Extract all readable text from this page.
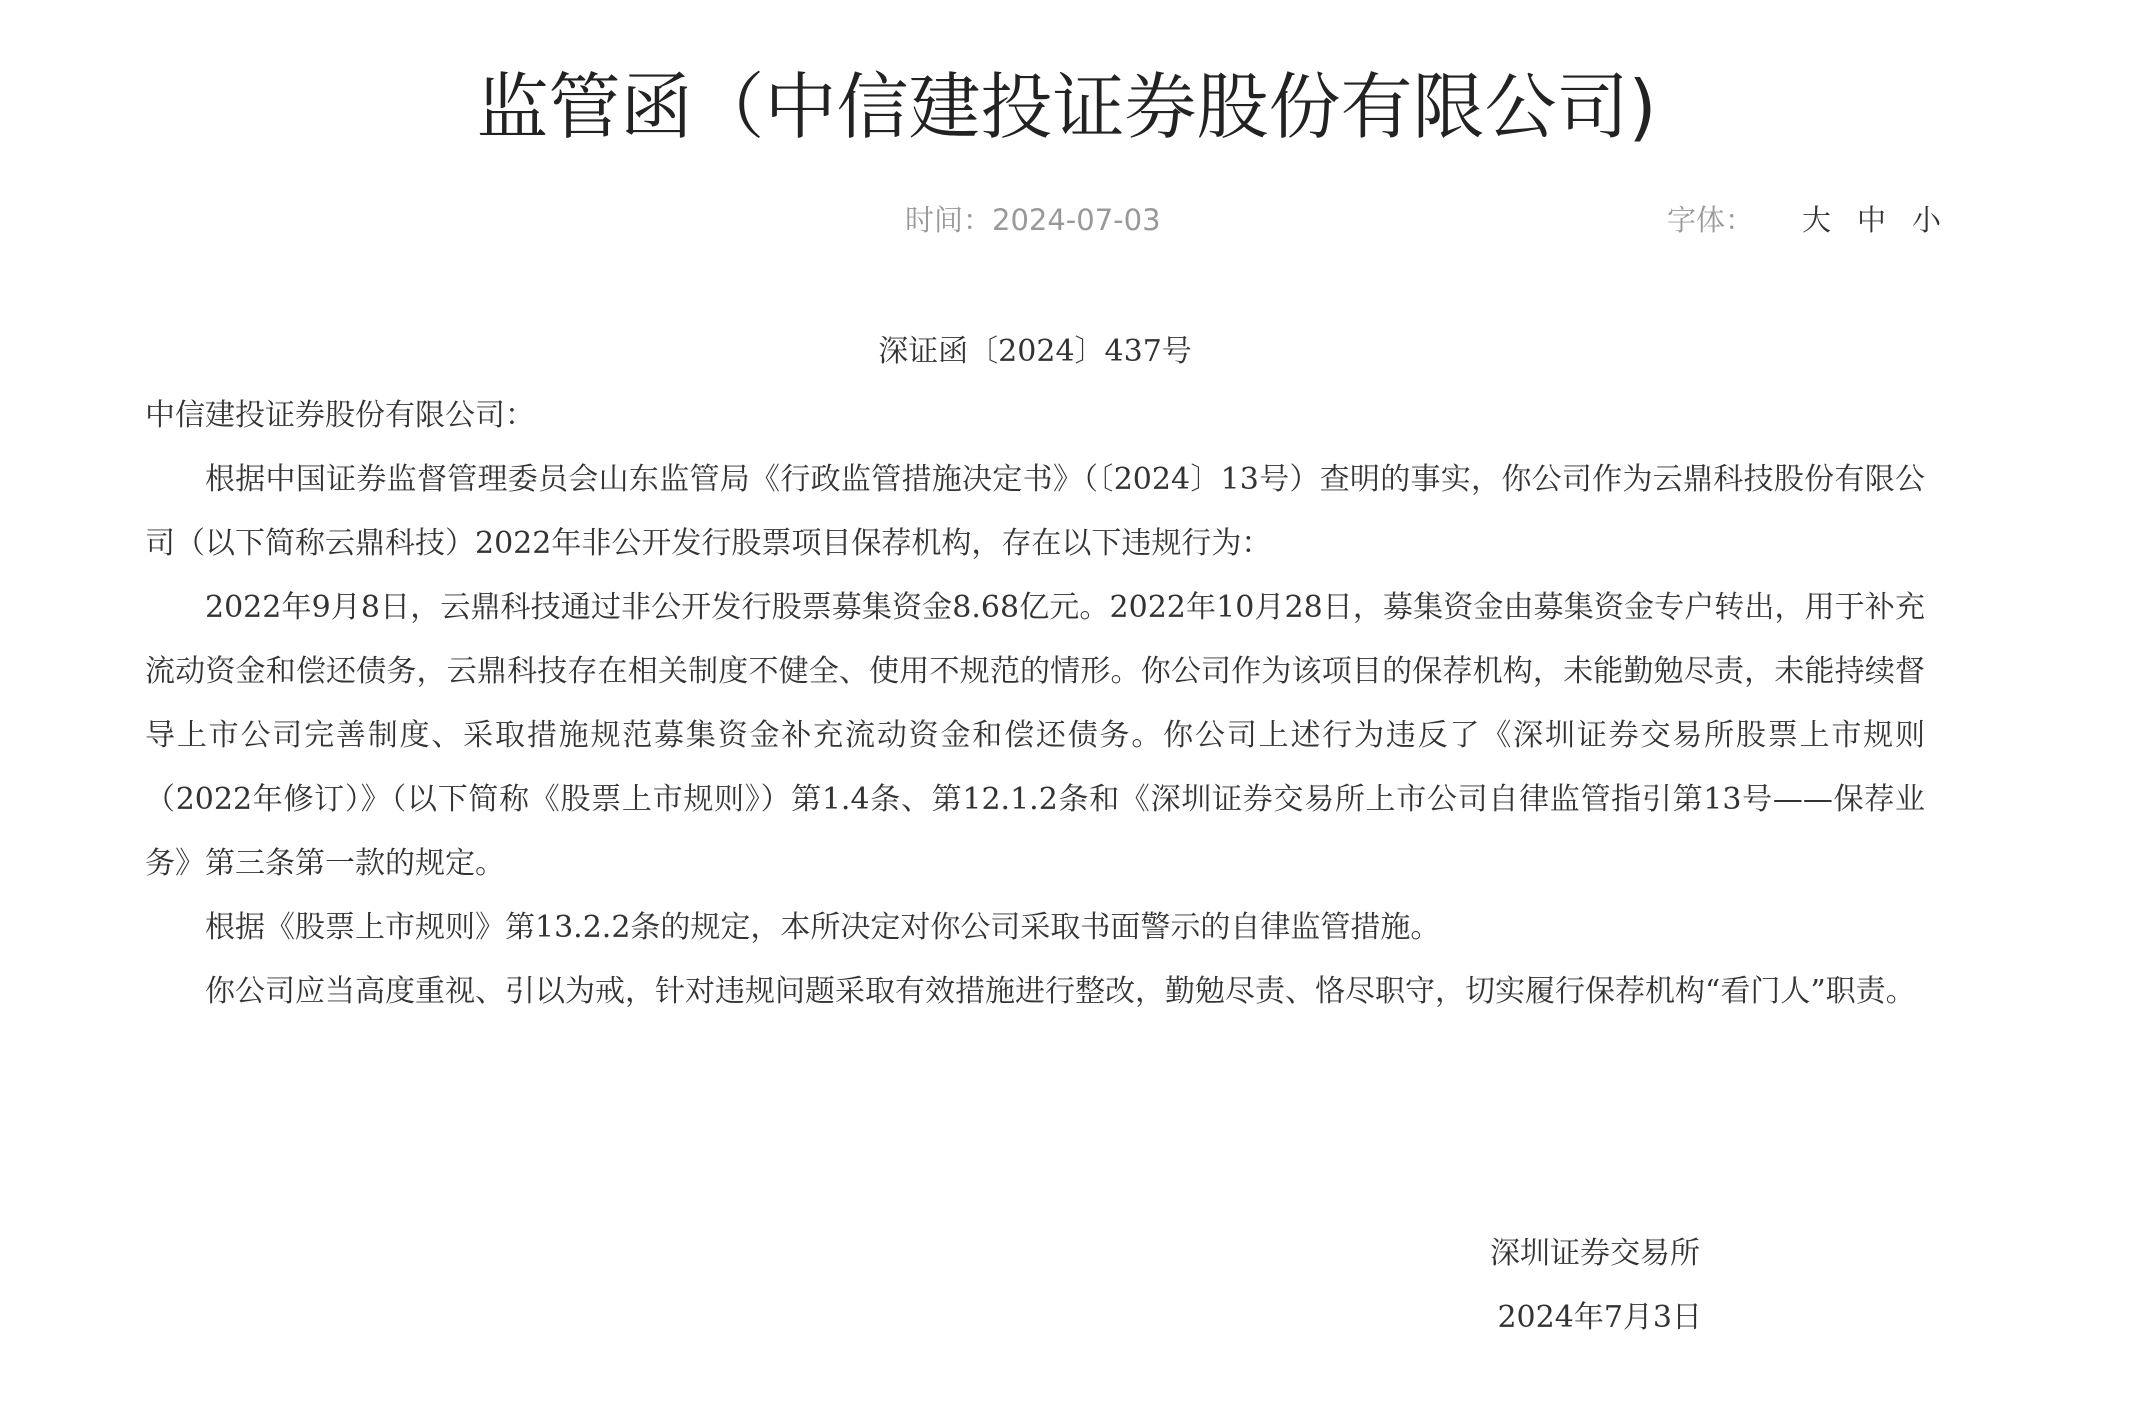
监管函（中信建投证券股份有限公司)
时间：2024-07-03	字体： 大 中 小

深证函〔2024〕437号

中信建投证券股份有限公司：

根据中国证券监督管理委员会山东监管局《行政监管措施决定书》（〔2024〕13号）查明的事实，你公司作为云鼎科技股份有限公司（以下简称云鼎科技）2022年非公开发行股票项目保荐机构，存在以下违规行为：

2022年9月8日，云鼎科技通过非公开发行股票募集资金8.68亿元。2022年10月28日，募集资金由募集资金专户转出，用于补充流动资金和偿还债务，云鼎科技存在相关制度不健全、使用不规范的情形。你公司作为该项目的保荐机构，未能勤勉尽责，未能持续督导上市公司完善制度、采取措施规范募集资金补充流动资金和偿还债务。你公司上述行为违反了《深圳证券交易所股票上市规则（2022年修订）》（以下简称《股票上市规则》）第1.4条、第12.1.2条和《深圳证券交易所上市公司自律监管指引第13号——保荐业务》第三条第一款的规定。

根据《股票上市规则》第13.2.2条的规定，本所决定对你公司采取书面警示的自律监管措施。

你公司应当高度重视、引以为戒，针对违规问题采取有效措施进行整改，勤勉尽责、恪尽职守，切实履行保荐机构“看门人”职责。

深圳证券交易所
2024年7月3日
